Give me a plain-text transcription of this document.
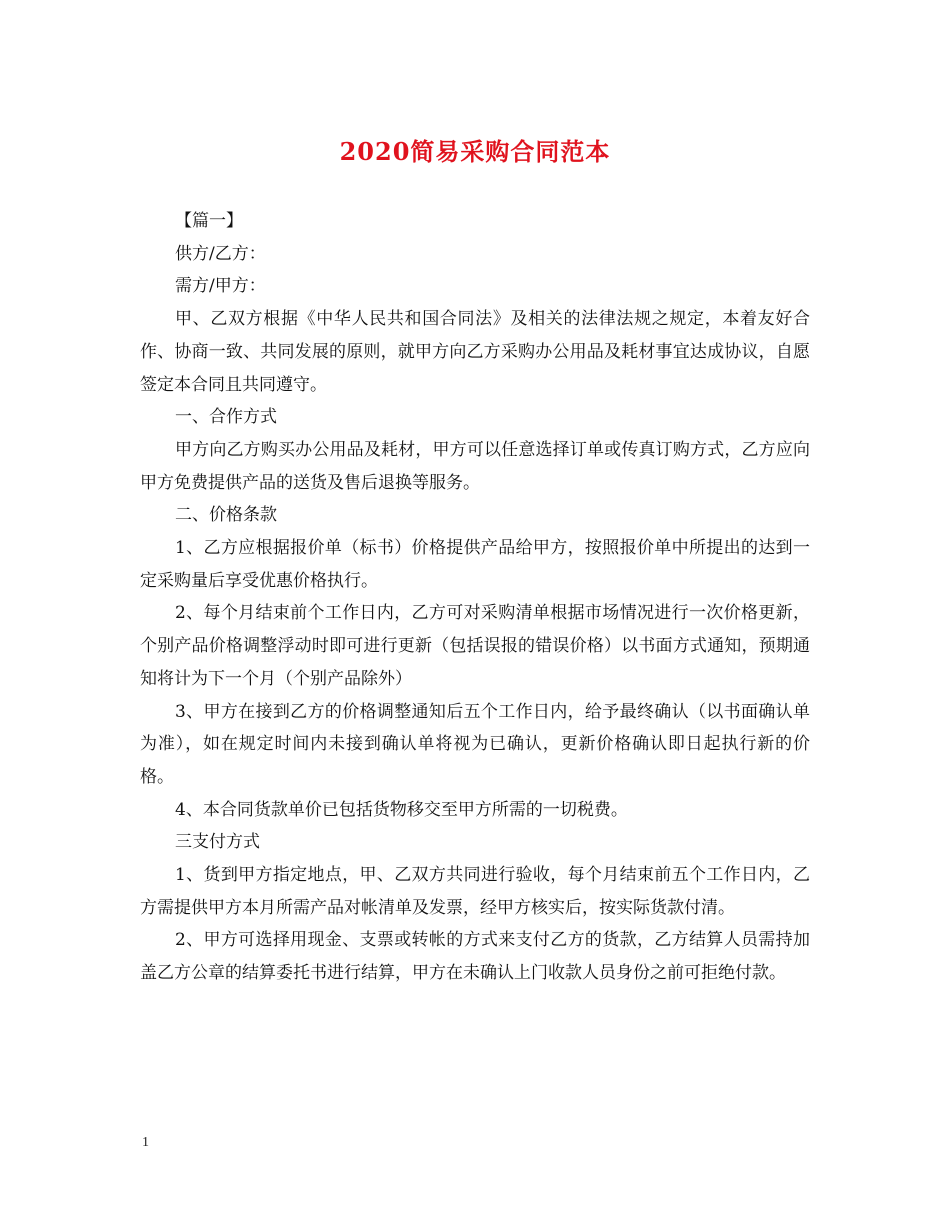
2020简易采购合同范本

【篇一】

供方/乙方：

需方/甲方：

甲、乙双方根据《中华人民共和国合同法》及相关的法律法规之规定，本着友好合作、协商一致、共同发展的原则，就甲方向乙方采购办公用品及耗材事宜达成协议，自愿签定本合同且共同遵守。

一、合作方式

甲方向乙方购买办公用品及耗材，甲方可以任意选择订单或传真订购方式，乙方应向甲方免费提供产品的送货及售后退换等服务。

二、价格条款

1、乙方应根据报价单（标书）价格提供产品给甲方，按照报价单中所提出的达到一定采购量后享受优惠价格执行。

2、每个月结束前个工作日内，乙方可对采购清单根据市场情况进行一次价格更新，个别产品价格调整浮动时即可进行更新（包括误报的错误价格）以书面方式通知，预期通知将计为下一个月（个别产品除外）

3、甲方在接到乙方的价格调整通知后五个工作日内，给予最终确认（以书面确认单为准），如在规定时间内未接到确认单将视为已确认，更新价格确认即日起执行新的价格。

4、本合同货款单价已包括货物移交至甲方所需的一切税费。

三支付方式

1、货到甲方指定地点，甲、乙双方共同进行验收，每个月结束前五个工作日内，乙方需提供甲方本月所需产品对帐清单及发票，经甲方核实后，按实际货款付清。

2、甲方可选择用现金、支票或转帐的方式来支付乙方的货款，乙方结算人员需持加盖乙方公章的结算委托书进行结算，甲方在未确认上门收款人员身份之前可拒绝付款。

1
